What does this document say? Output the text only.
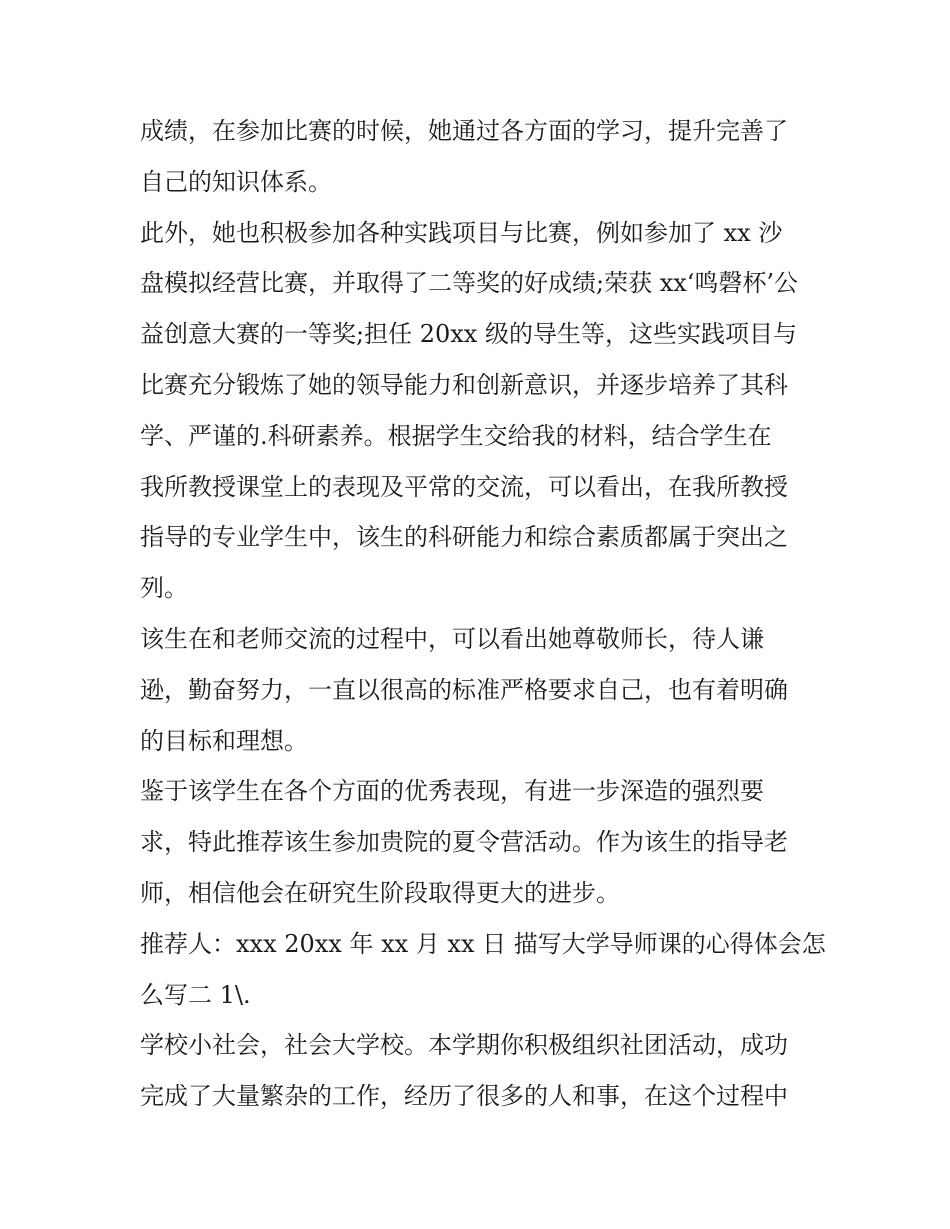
成绩，在参加比赛的时候，她通过各方面的学习，提升完善了
自己的知识体系。
此外，她也积极参加各种实践项目与比赛，例如参加了 xx 沙
盘模拟经营比赛，并取得了二等奖的好成绩;荣获 xx‘鸣磬杯’公
益创意大赛的一等奖;担任 20xx 级的导生等，这些实践项目与
比赛充分锻炼了她的领导能力和创新意识，并逐步培养了其科
学、严谨的.科研素养。根据学生交给我的材料，结合学生在
我所教授课堂上的表现及平常的交流，可以看出，在我所教授
指导的专业学生中，该生的科研能力和综合素质都属于突出之
列。
该生在和老师交流的过程中，可以看出她尊敬师长，待人谦
逊，勤奋努力，一直以很高的标准严格要求自己，也有着明确
的目标和理想。
鉴于该学生在各个方面的优秀表现，有进一步深造的强烈要
求，特此推荐该生参加贵院的夏令营活动。作为该生的指导老
师，相信他会在研究生阶段取得更大的进步。
推荐人：xxx 20xx 年 xx 月 xx 日 描写大学导师课的心得体会怎
么写二 1\.
学校小社会，社会大学校。本学期你积极组织社团活动，成功
完成了大量繁杂的工作，经历了很多的人和事，在这个过程中
